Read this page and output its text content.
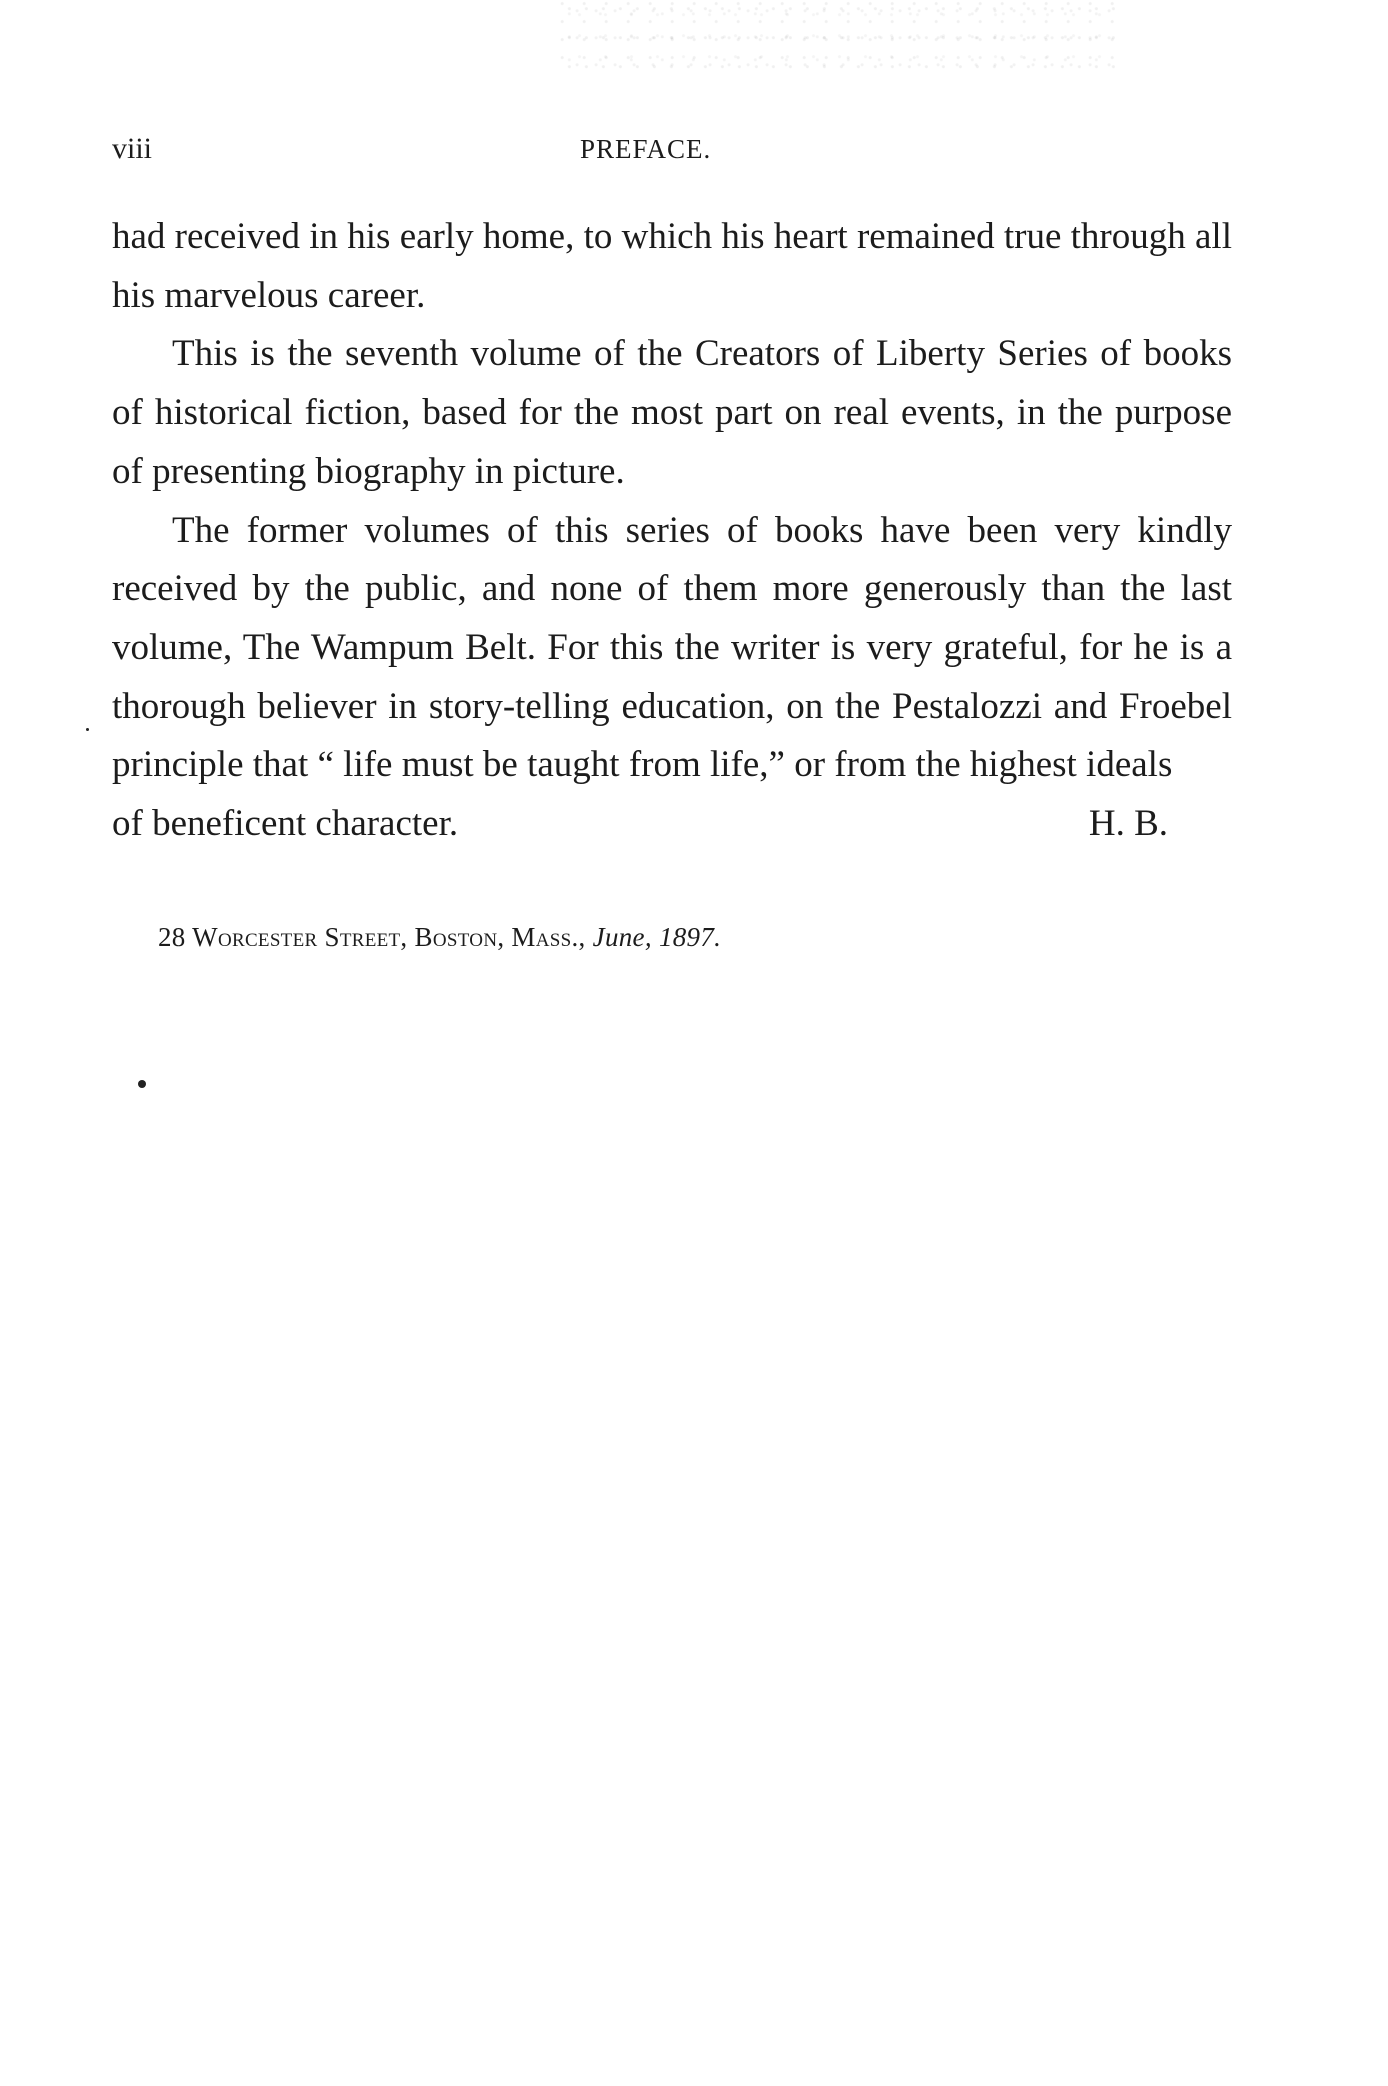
viii	PREFACE.

had received in his early home, to which his heart remained true through all his marvelous career.

This is the seventh volume of the Creators of Liberty Series of books of historical fiction, based for the most part on real events, in the purpose of presenting biography in picture.

The former volumes of this series of books have been very kindly received by the public, and none of them more generously than the last volume, The Wampum Belt. For this the writer is very grateful, for he is a thorough believer in story-telling education, on the Pestalozzi and Froebel principle that “ life must be taught from life,” or from the highest ideals

of beneficent character.	H. B.
28 Worcester Street, Boston, Mass., June, 1897.
